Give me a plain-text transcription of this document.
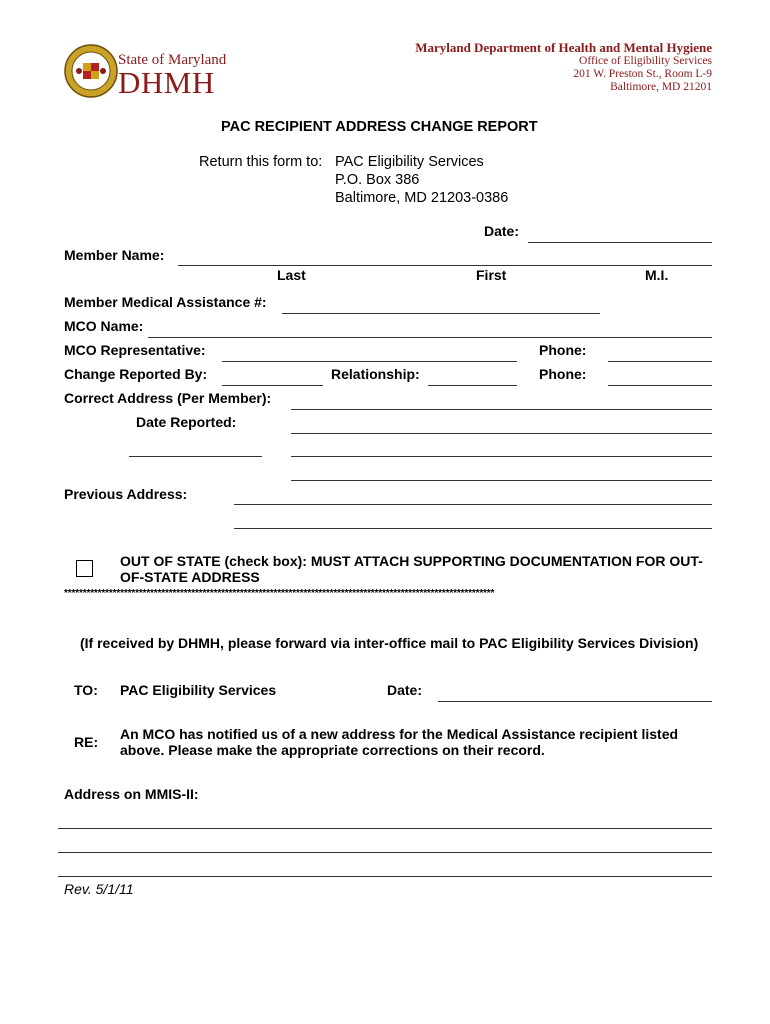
State of Maryland
DHMH
Maryland Department of Health and Mental Hygiene
Office of Eligibility Services
201 W. Preston St., Room L-9
Baltimore, MD 21201
PAC RECIPIENT ADDRESS CHANGE REPORT
Return this form to: PAC Eligibility Services
P.O. Box 386
Baltimore, MD 21203-0386
Date:
Member Name:
Last	First	M.I.
Member Medical Assistance #:
MCO Name:
MCO Representative:	Phone:
Change Reported By:	Relationship:	Phone:
Correct Address (Per Member):
Date Reported:
Previous Address:
OUT OF STATE (check box): MUST ATTACH SUPPORTING DOCUMENTATION FOR OUT-
OF-STATE ADDRESS
*******************************************************************************************************************
(If received by DHMH, please forward via inter-office mail to PAC Eligibility Services Division)
TO: PAC Eligibility Services	Date:
RE: An MCO has notified us of a new address for the Medical Assistance recipient listed
above. Please make the appropriate corrections on their record.
Address on MMIS-II:
Rev. 5/1/11
